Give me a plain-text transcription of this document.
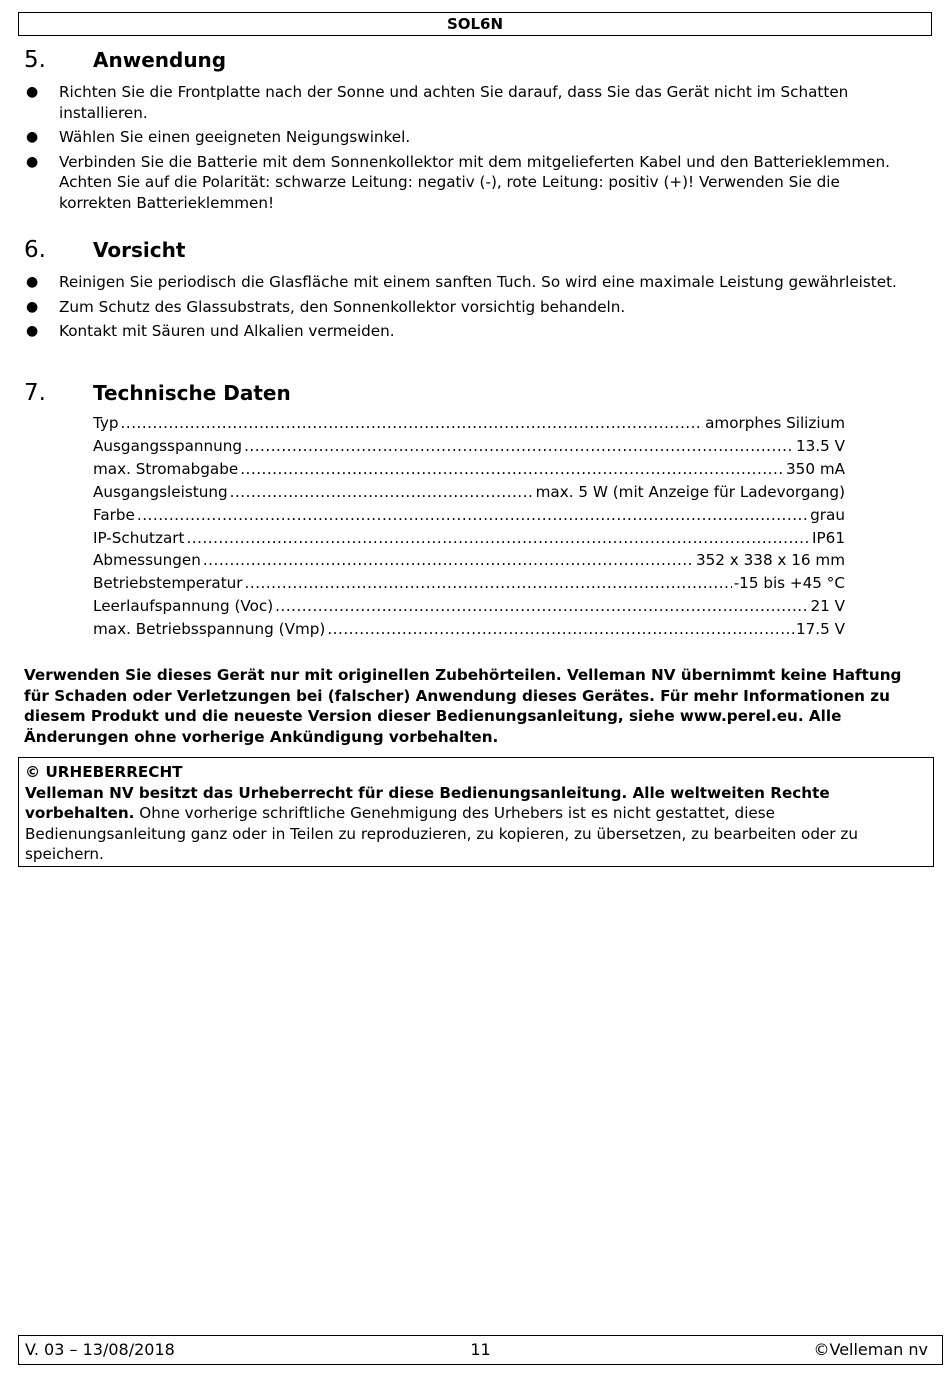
SOL6N
5. Anwendung
● Richten Sie die Frontplatte nach der Sonne und achten Sie darauf, dass Sie das Gerät nicht im Schatten installieren.
● Wählen Sie einen geeigneten Neigungswinkel.
● Verbinden Sie die Batterie mit dem Sonnenkollektor mit dem mitgelieferten Kabel und den Batterieklemmen. Achten Sie auf die Polarität: schwarze Leitung: negativ (-), rote Leitung: positiv (+)! Verwenden Sie die korrekten Batterieklemmen!
6. Vorsicht
● Reinigen Sie periodisch die Glasfläche mit einem sanften Tuch. So wird eine maximale Leistung gewährleistet.
● Zum Schutz des Glassubstrats, den Sonnenkollektor vorsichtig behandeln.
● Kontakt mit Säuren und Alkalien vermeiden.
7. Technische Daten
Typ .....	amorphes Silizium
Ausgangsspannung .....	13.5 V
max. Stromabgabe .....	350 mA
Ausgangsleistung .....	max. 5 W (mit Anzeige für Ladevorgang)
Farbe .....	grau
IP-Schutzart .....	IP61
Abmessungen .....	352 x 338 x 16 mm
Betriebstemperatur .....	-15 bis +45 °C
Leerlaufspannung (Voc) .....	21 V
max. Betriebsspannung (Vmp) .....	17.5 V
Verwenden Sie dieses Gerät nur mit originellen Zubehörteilen. Velleman NV übernimmt keine Haftung für Schaden oder Verletzungen bei (falscher) Anwendung dieses Gerätes. Für mehr Informationen zu diesem Produkt und die neueste Version dieser Bedienungsanleitung, siehe www.perel.eu. Alle Änderungen ohne vorherige Ankündigung vorbehalten.
© URHEBERRECHT
Velleman NV besitzt das Urheberrecht für diese Bedienungsanleitung. Alle weltweiten Rechte vorbehalten. Ohne vorherige schriftliche Genehmigung des Urhebers ist es nicht gestattet, diese Bedienungsanleitung ganz oder in Teilen zu reproduzieren, zu kopieren, zu übersetzen, zu bearbeiten oder zu speichern.
V. 03 – 13/08/2018	11	©Velleman nv
